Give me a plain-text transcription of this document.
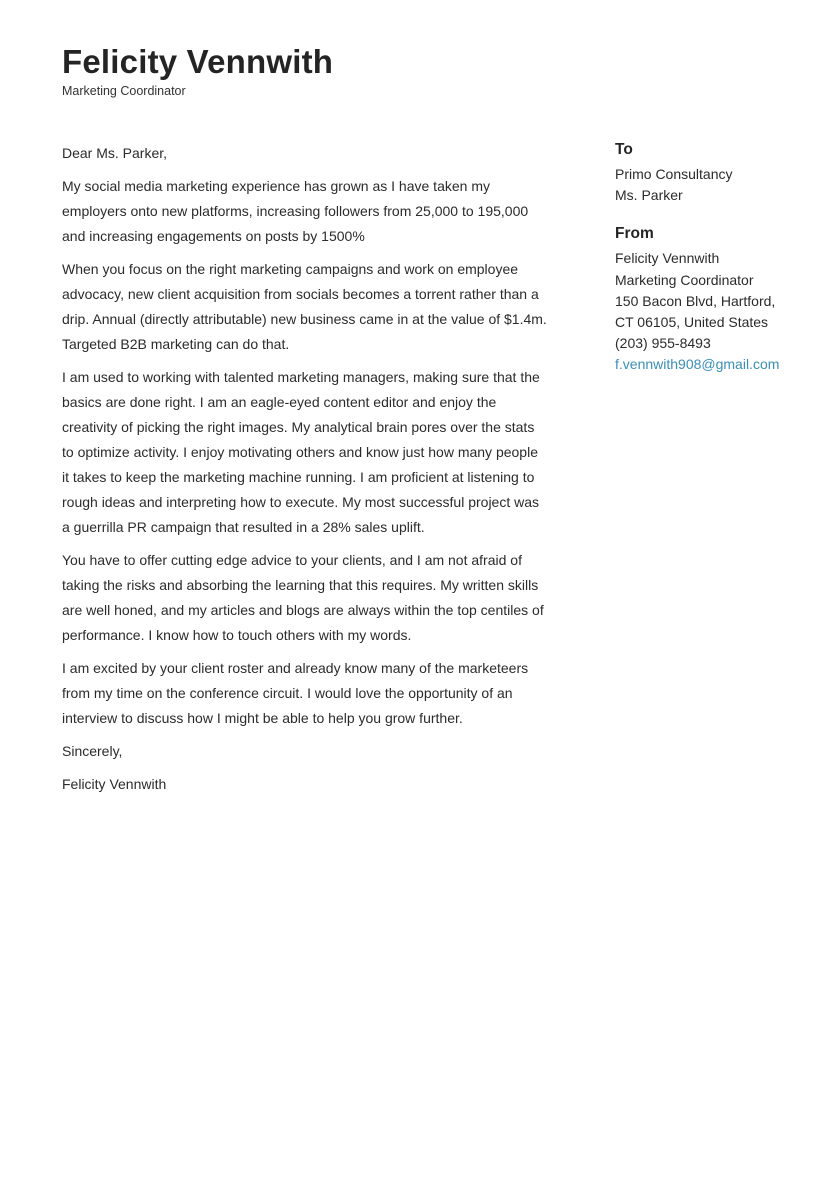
Felicity Vennwith
Marketing Coordinator

Dear Ms. Parker,

My social media marketing experience has grown as I have taken my employers onto new platforms, increasing followers from 25,000 to 195,000 and increasing engagements on posts by 1500%

When you focus on the right marketing campaigns and work on employee advocacy, new client acquisition from socials becomes a torrent rather than a drip. Annual (directly attributable) new business came in at the value of $1.4m. Targeted B2B marketing can do that.

I am used to working with talented marketing managers, making sure that the basics are done right. I am an eagle-eyed content editor and enjoy the creativity of picking the right images. My analytical brain pores over the stats to optimize activity. I enjoy motivating others and know just how many people it takes to keep the marketing machine running. I am proficient at listening to rough ideas and interpreting how to execute. My most successful project was a guerrilla PR campaign that resulted in a 28% sales uplift.

You have to offer cutting edge advice to your clients, and I am not afraid of taking the risks and absorbing the learning that this requires. My written skills are well honed, and my articles and blogs are always within the top centiles of performance. I know how to touch others with my words.

I am excited by your client roster and already know many of the marketeers from my time on the conference circuit. I would love the opportunity of an interview to discuss how I might be able to help you grow further.

Sincerely,

Felicity Vennwith

To
Primo Consultancy
Ms. Parker
From
Felicity Vennwith
Marketing Coordinator
150 Bacon Blvd, Hartford,
CT 06105, United States
(203) 955-8493
f.vennwith908@gmail.com
